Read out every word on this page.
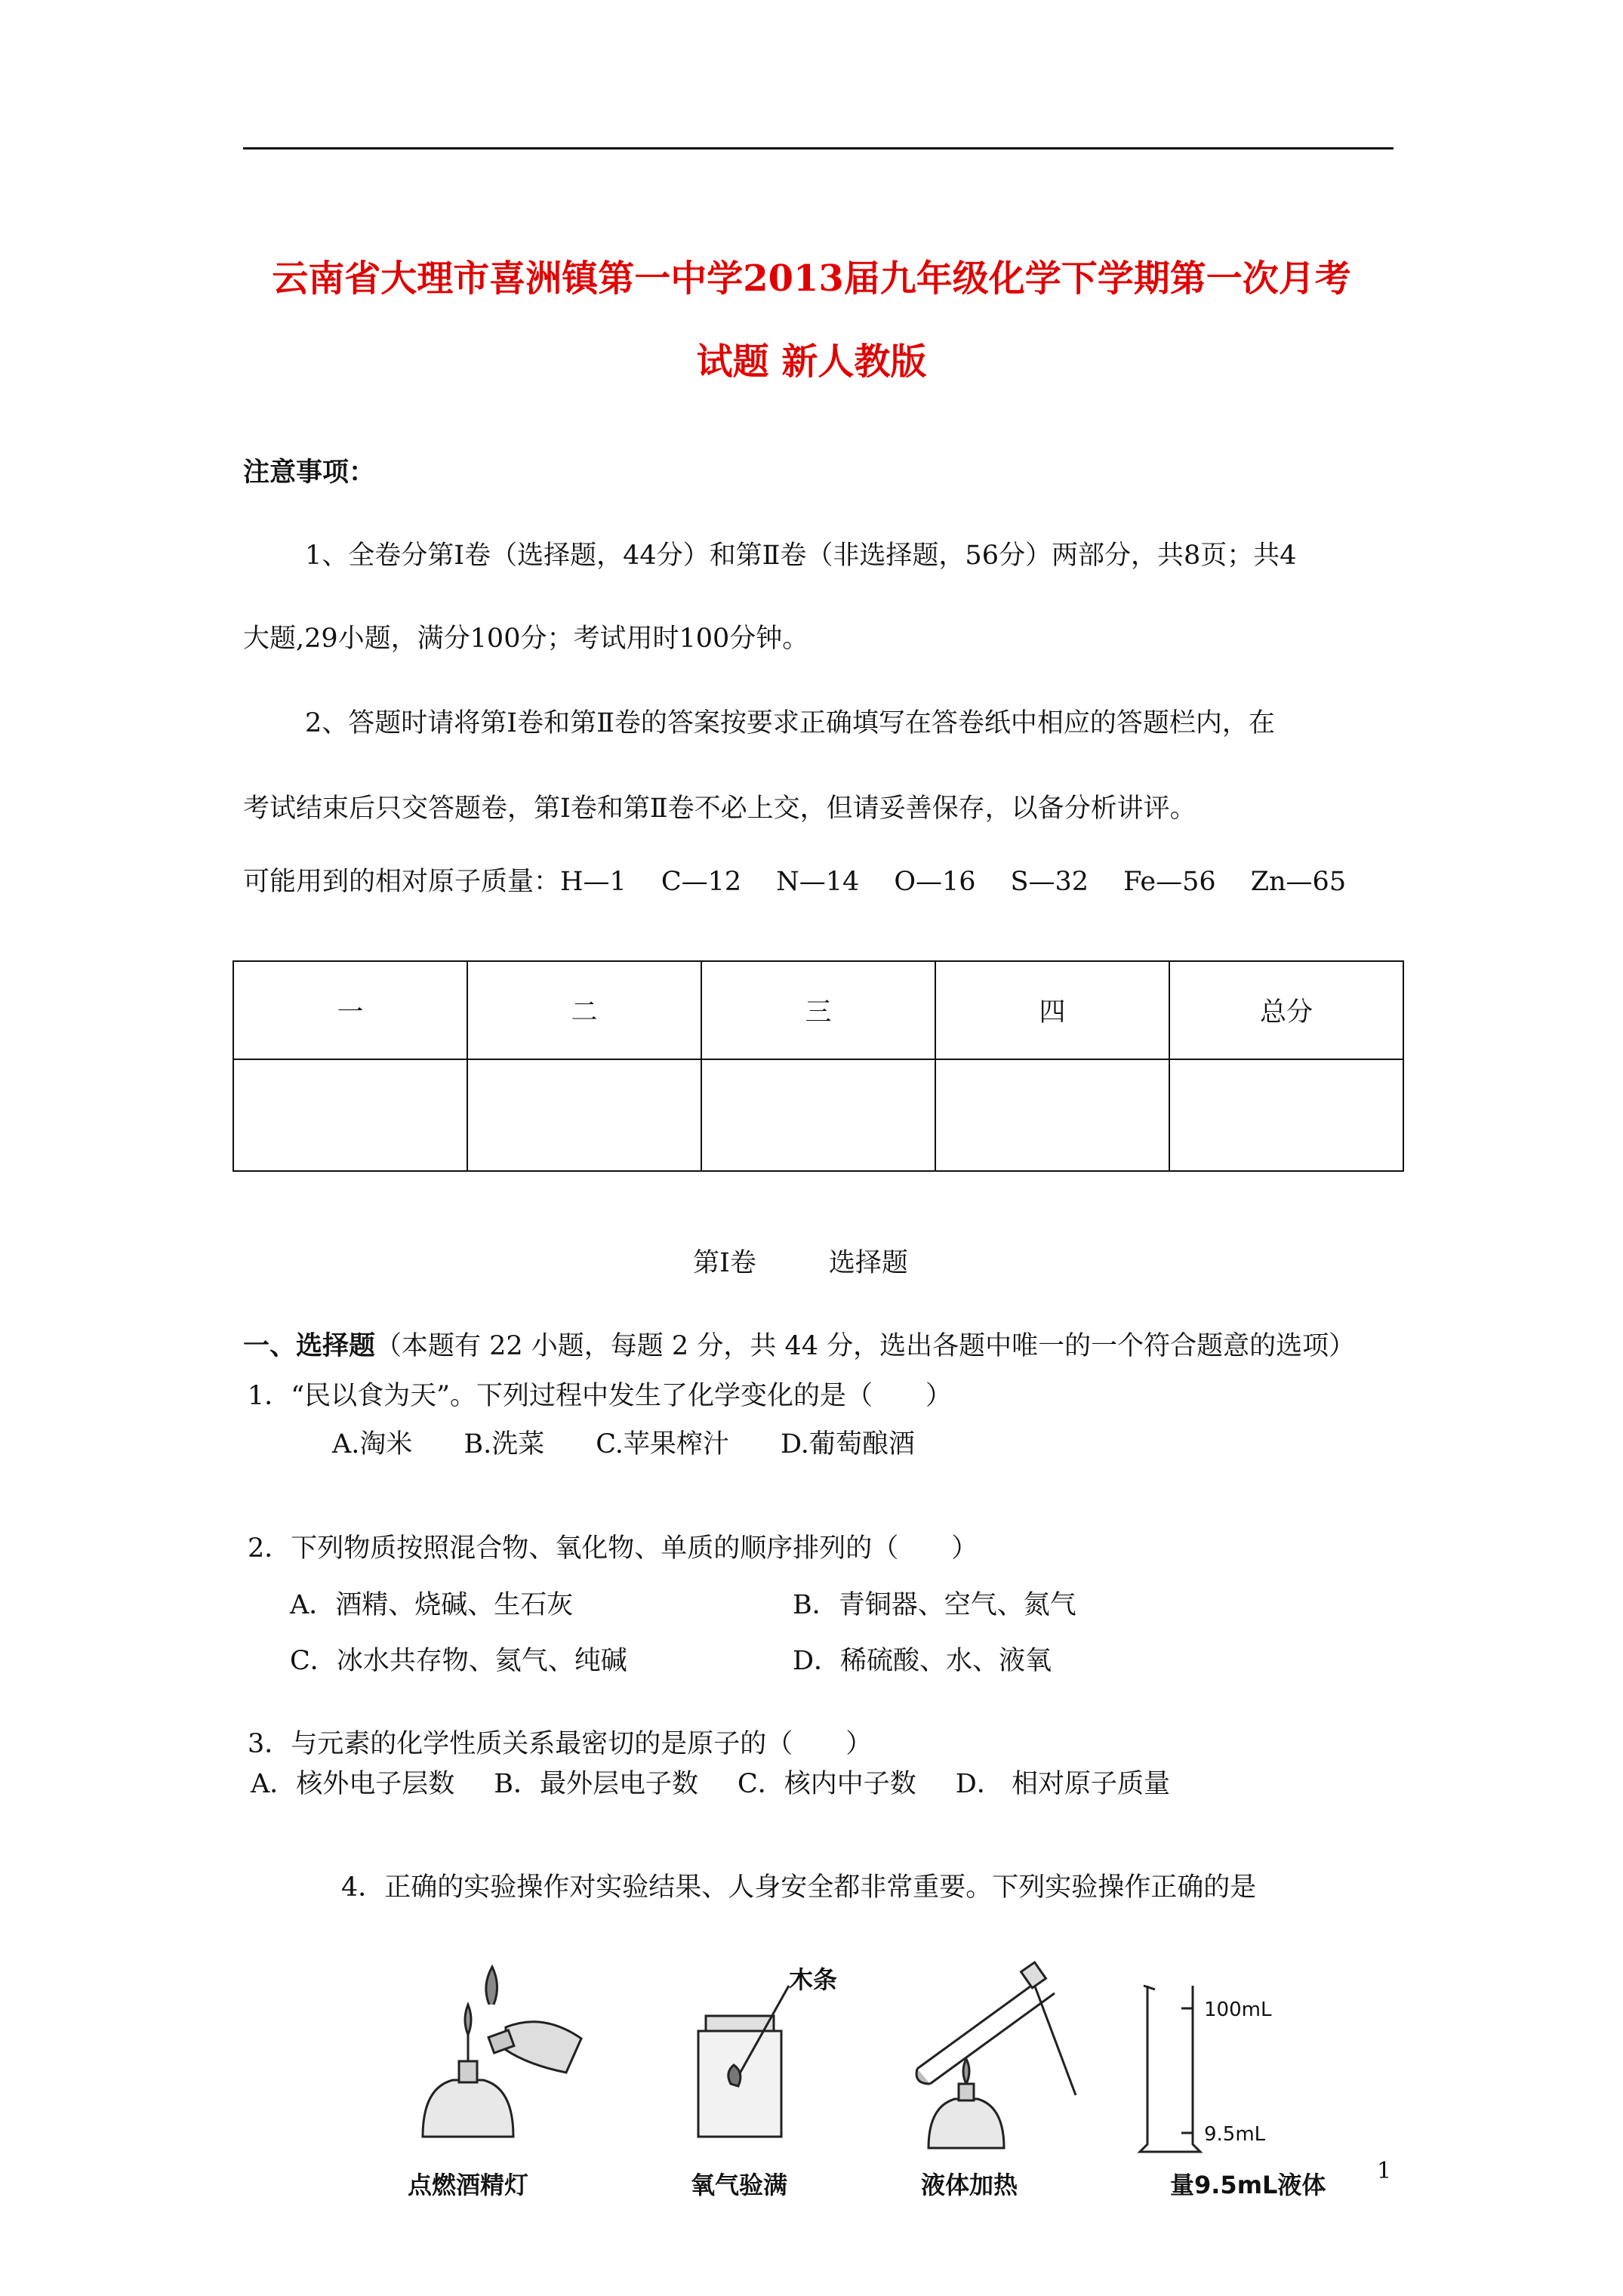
云南省大理市喜洲镇第一中学2013届九年级化学下学期第一次月考
试题 新人教版
注意事项：
1、全卷分第Ⅰ卷（选择题，44分）和第Ⅱ卷（非选择题，56分）两部分，共8页；共4
大题,29小题，满分100分；考试用时100分钟。
2、答题时请将第Ⅰ卷和第Ⅱ卷的答案按要求正确填写在答卷纸中相应的答题栏内，在
考试结束后只交答题卷，第Ⅰ卷和第Ⅱ卷不必上交，但请妥善保存，以备分析讲评。
可能用到的相对原子质量：H—1 C—12 N—14 O—16 S—32 Fe—56 Zn—65
一	二	三	四	总分

第Ⅰ卷	选择题
一、选择题（本题有 22 小题，每题 2 分，共 44 分，选出各题中唯一的一个符合题意的选项）
1．“民以食为天”。下列过程中发生了化学变化的是（　　）
A.淘米 B.洗菜 C.苹果榨汁 D.葡萄酿酒
2．下列物质按照混合物、氧化物、单质的顺序排列的（　　）
A．酒精、烧碱、生石灰	B．青铜器、空气、氮气
C．冰水共存物、氦气、纯碱	D．稀硫酸、水、液氧
3．与元素的化学性质关系最密切的是原子的（　　）
A．核外电子层数 B．最外层电子数 C．核内中子数 D． 相对原子质量
4．正确的实验操作对实验结果、人身安全都非常重要。下列实验操作正确的是
木条
100mL
9.5mL
点燃酒精灯	氧气验满	液体加热	量9.5mL液体 1
